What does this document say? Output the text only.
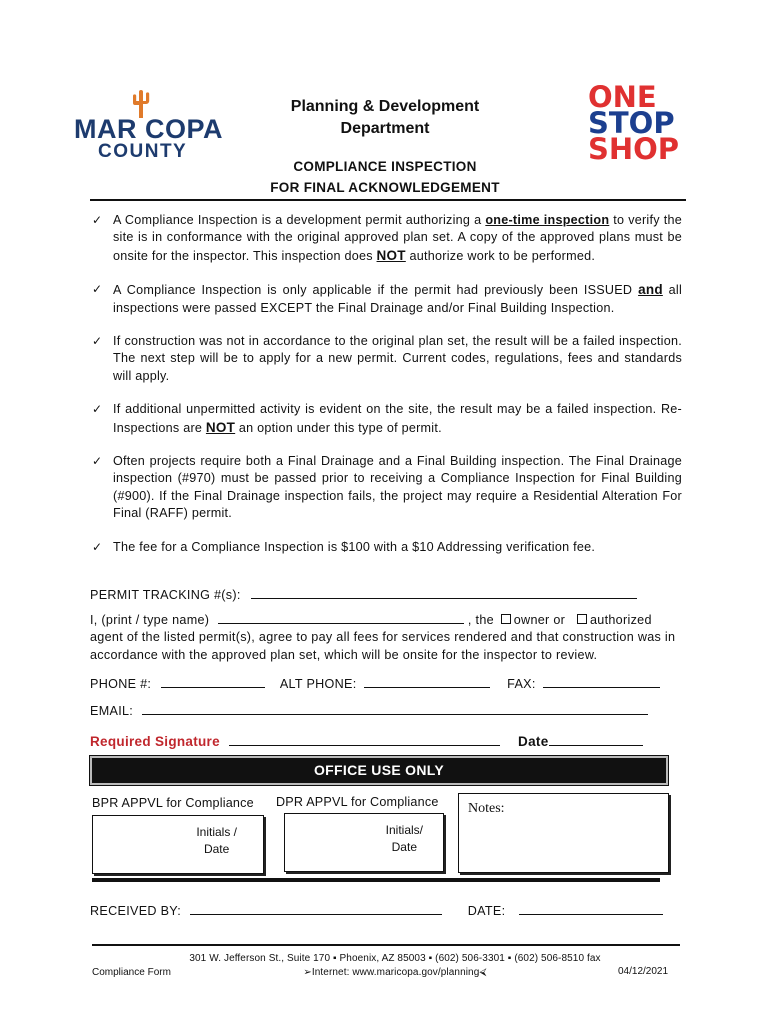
MARICOPA
COUNTY
Planning & Development
Department
ONE
STOP
SHOP
COMPLIANCE INSPECTION
FOR FINAL ACKNOWLEDGEMENT
✓ A Compliance Inspection is a development permit authorizing a one-time inspection to verify the site is in conformance with the original approved plan set. A copy of the approved plans must be onsite for the inspector. This inspection does NOT authorize work to be performed.
✓ A Compliance Inspection is only applicable if the permit had previously been ISSUED and all inspections were passed EXCEPT the Final Drainage and/or Final Building Inspection.
✓ If construction was not in accordance to the original plan set, the result will be a failed inspection. The next step will be to apply for a new permit. Current codes, regulations, fees and standards will apply.
✓ If additional unpermitted activity is evident on the site, the result may be a failed inspection. Re-Inspections are NOT an option under this type of permit.
✓ Often projects require both a Final Drainage and a Final Building inspection. The Final Drainage inspection (#970) must be passed prior to receiving a Compliance Inspection for Final Building (#900). If the Final Drainage inspection fails, the project may require a Residential Alteration For Final (RAFF) permit.
✓ The fee for a Compliance Inspection is $100 with a $10 Addressing verification fee.
PERMIT TRACKING #(s):
I, (print / type name)	, the owner or authorized
agent of the listed permit(s), agree to pay all fees for services rendered and that construction was in accordance with the approved plan set, which will be onsite for the inspector to review.
PHONE #:	ALT PHONE:	FAX:
EMAIL:
Required Signature	Date
OFFICE USE ONLY
BPR APPVL for Compliance DPR APPVL for Compliance
Initials /
Date
Initials/
Date
Notes:
RECEIVED BY:	DATE:
301 W. Jefferson St., Suite 170 ▪ Phoenix, AZ 85003 ▪ (602) 506-3301 ▪ (602) 506-8510 fax
➢Internet: www.maricopa.gov/planning⮘
Compliance Form	04/12/2021
